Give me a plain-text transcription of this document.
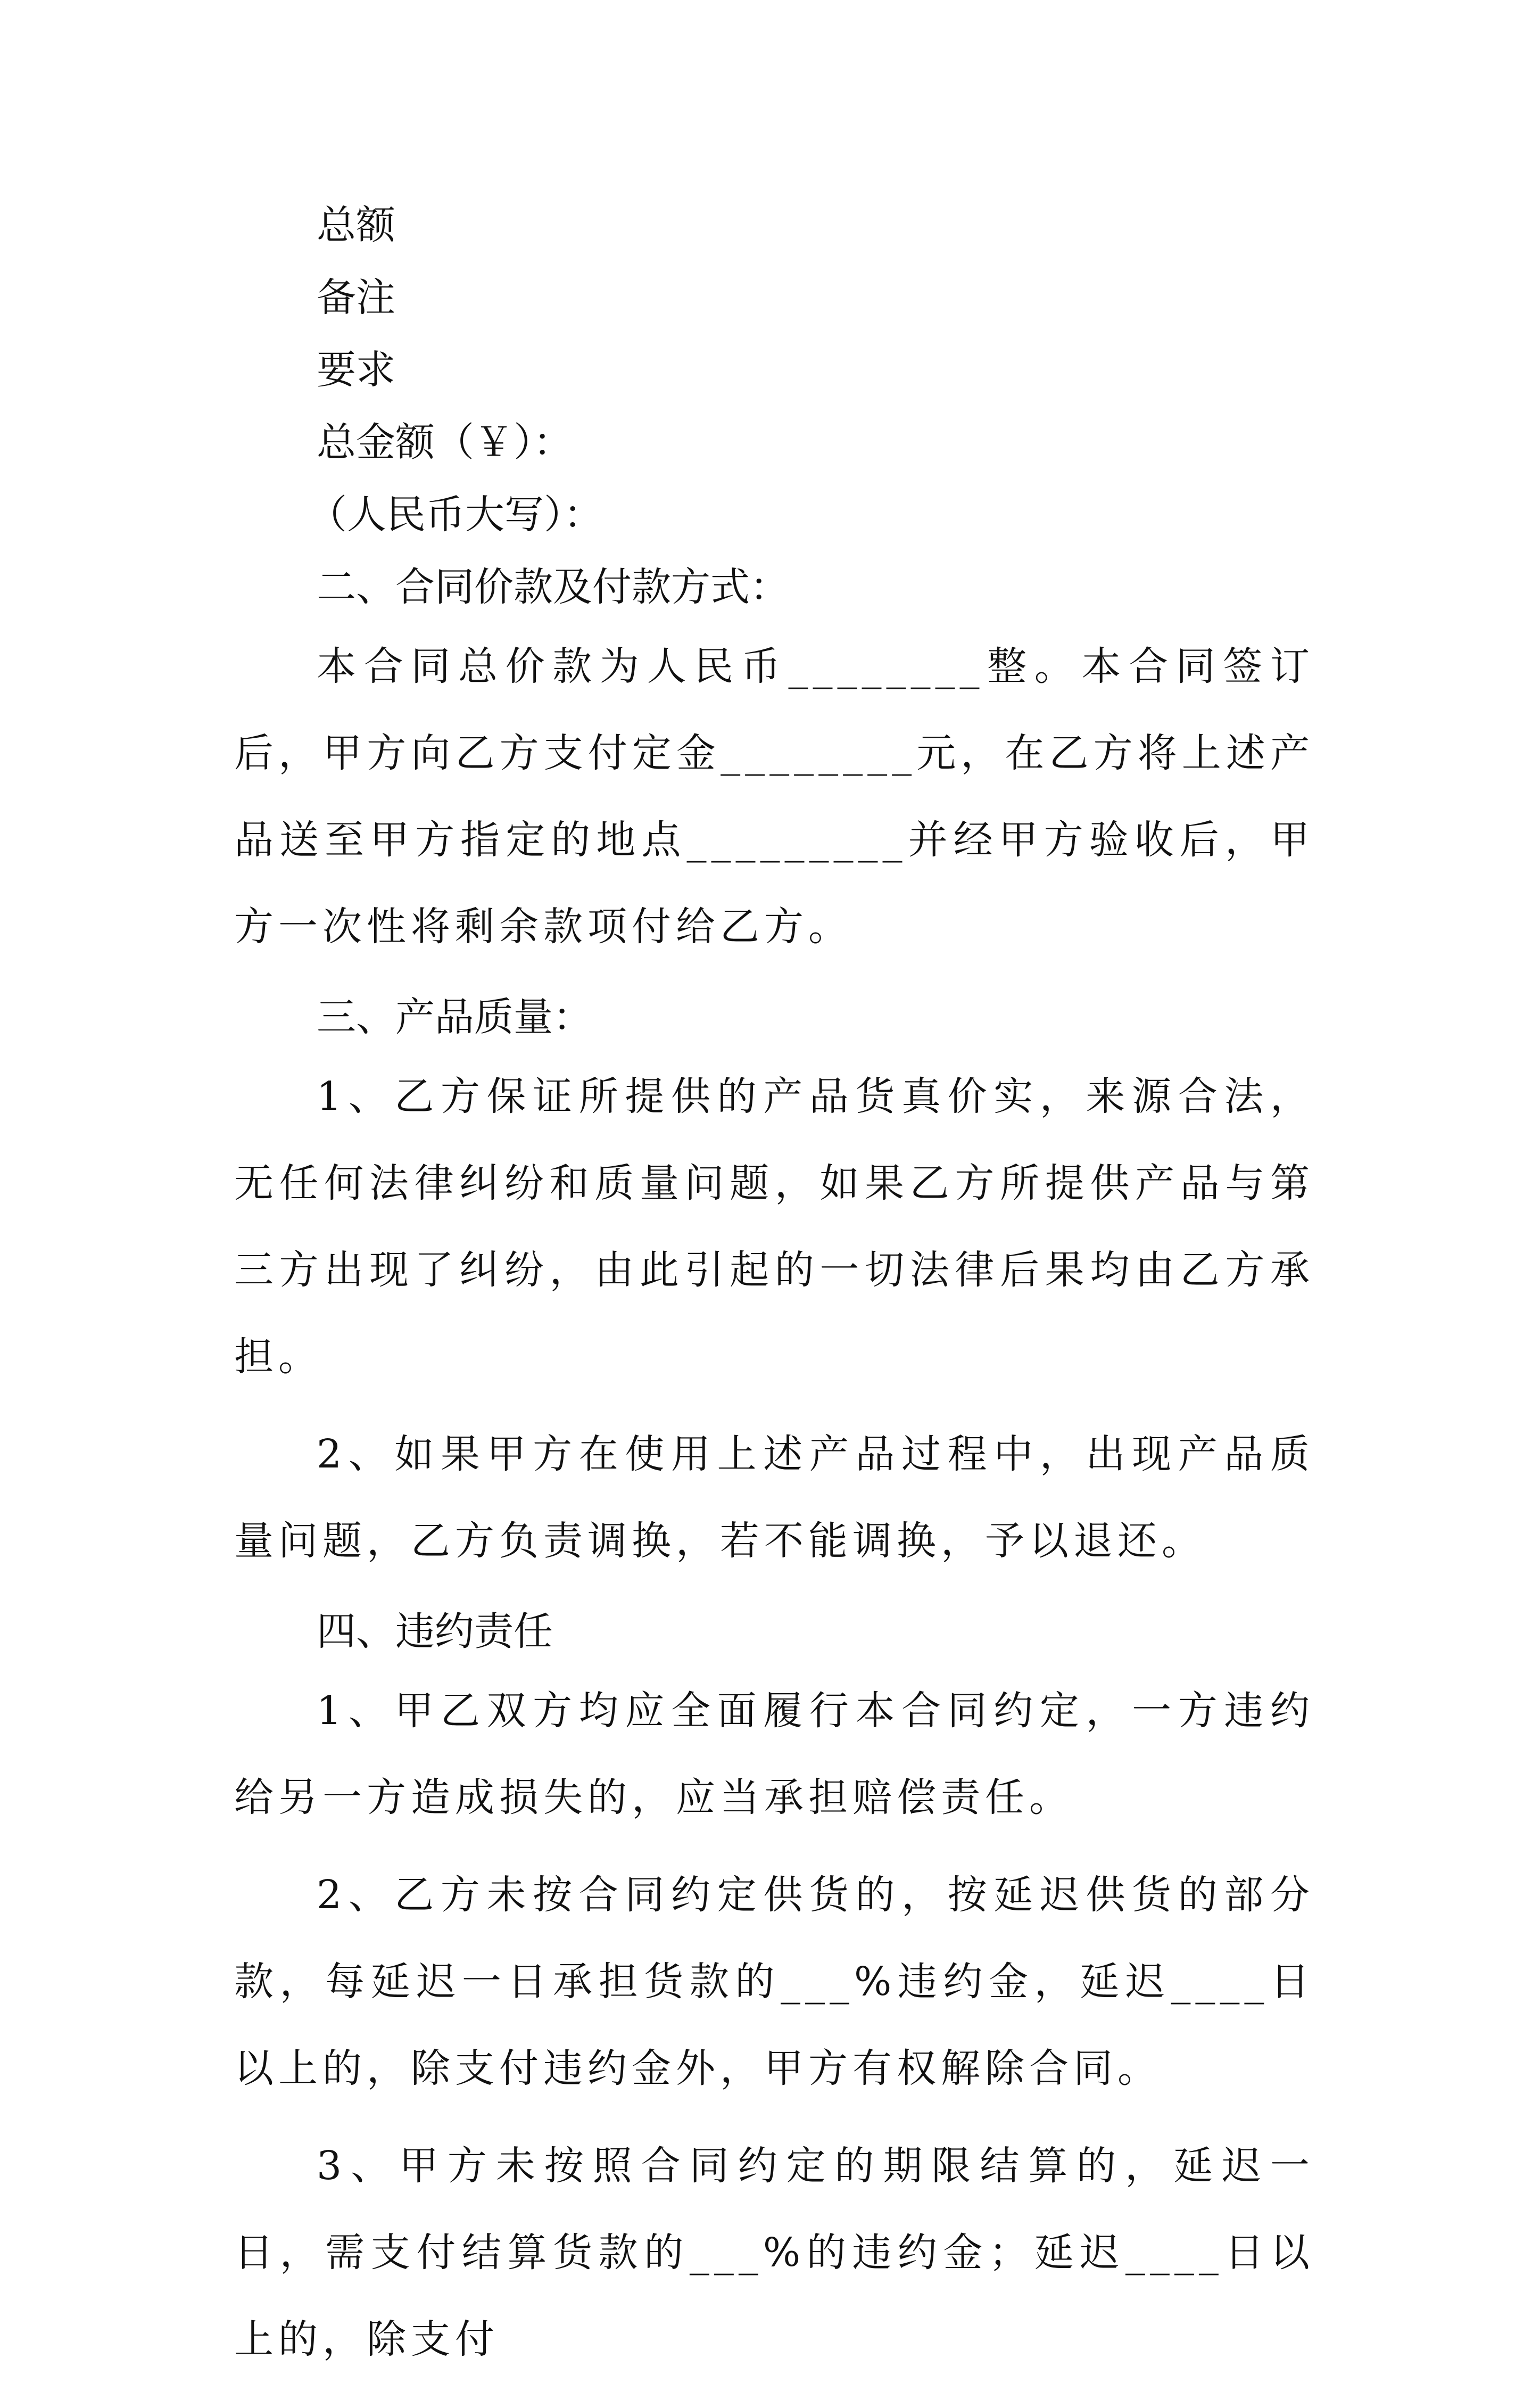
总额
备注
要求
总金额（￥）：
（人民币大写）：
二、合同价款及付款方式：
本合同总价款为人民币________整。本合同签订后，甲方向乙方支付定金________元，在乙方将上述产品送至甲方指定的地点_________并经甲方验收后，甲方一次性将剩余款项付给乙方。
三、产品质量：
1、乙方保证所提供的产品货真价实，来源合法，无任何法律纠纷和质量问题，如果乙方所提供产品与第三方出现了纠纷，由此引起的一切法律后果均由乙方承担。
2、如果甲方在使用上述产品过程中，出现产品质量问题，乙方负责调换，若不能调换，予以退还。
四、违约责任
1、甲乙双方均应全面履行本合同约定，一方违约给另一方造成损失的，应当承担赔偿责任。
2、乙方未按合同约定供货的，按延迟供货的部分款，每延迟一日承担货款的___%违约金，延迟____日以上的，除支付违约金外，甲方有权解除合同。
3、甲方未按照合同约定的期限结算的，延迟一日，需支付结算货款的___%的违约金；延迟____日以上的，除支付
